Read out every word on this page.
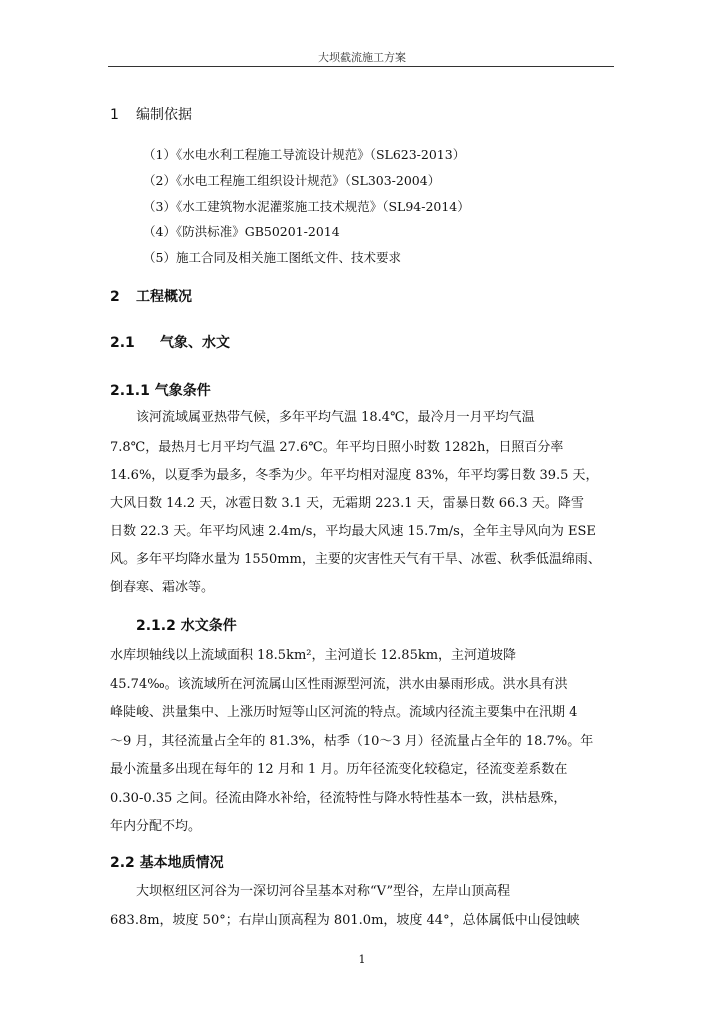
大坝截流施工方案
1 编制依据
（1）《水电水利工程施工导流设计规范》（SL623-2013）
（2）《水电工程施工组织设计规范》（SL303-2004）
（3）《水工建筑物水泥灌浆施工技术规范》（SL94-2014）
（4）《防洪标准》GB50201-2014
（5）施工合同及相关施工图纸文件、技术要求
2 工程概况
2.1 气象、水文
2.1.1 气象条件
该河流域属亚热带气候，多年平均气温 18.4℃，最冷月一月平均气温
7.8℃，最热月七月平均气温 27.6℃。年平均日照小时数 1282h，日照百分率
14.6%，以夏季为最多，冬季为少。年平均相对湿度 83%，年平均雾日数 39.5 天，
大风日数 14.2 天，冰雹日数 3.1 天，无霜期 223.1 天，雷暴日数 66.3 天。降雪
日数 22.3 天。年平均风速 2.4m/s，平均最大风速 15.7m/s，全年主导风向为 ESE
风。多年平均降水量为 1550mm，主要的灾害性天气有干旱、冰雹、秋季低温绵雨、
倒春寒、霜冰等。
2.1.2 水文条件
水库坝轴线以上流域面积 18.5km²，主河道长 12.85km，主河道坡降
45.74‰。该流域所在河流属山区性雨源型河流，洪水由暴雨形成。洪水具有洪
峰陡峻、洪量集中、上涨历时短等山区河流的特点。流域内径流主要集中在汛期 4
～9 月，其径流量占全年的 81.3%，枯季（10～3 月）径流量占全年的 18.7%。年
最小流量多出现在每年的 12 月和 1 月。历年径流变化较稳定，径流变差系数在
0.30-0.35 之间。径流由降水补给，径流特性与降水特性基本一致，洪枯悬殊，
年内分配不均。
2.2 基本地质情况
大坝枢纽区河谷为一深切河谷呈基本对称“V”型谷，左岸山顶高程
683.8m，坡度 50°；右岸山顶高程为 801.0m，坡度 44°，总体属低中山侵蚀峡
1
